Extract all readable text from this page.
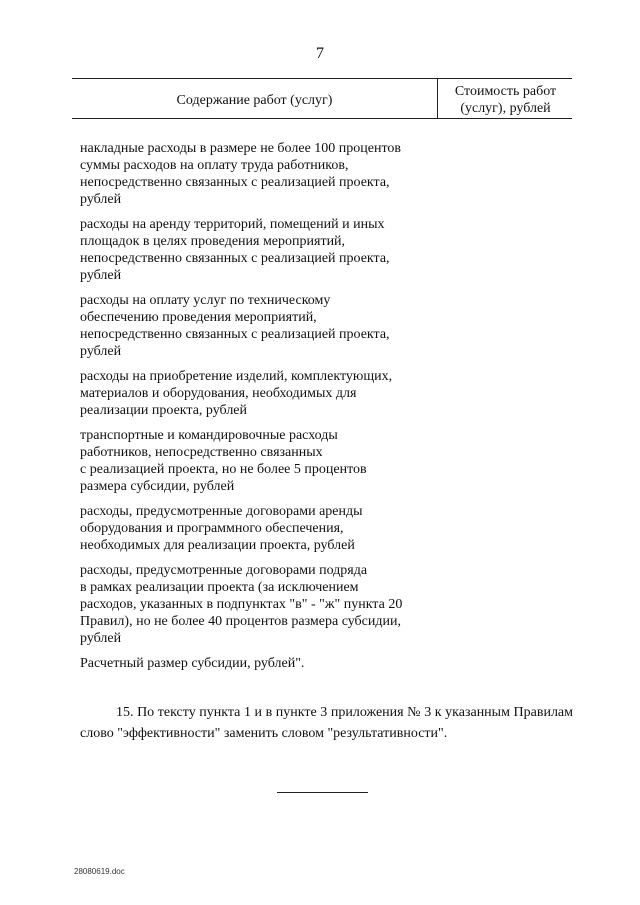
7
Содержание работ (услуг)
Стоимость работ (услуг), рублей

накладные расходы в размере не более 100 процентов
суммы расходов на оплату труда работников,
непосредственно связанных с реализацией проекта,
рублей

расходы на аренду территорий, помещений и иных
площадок в целях проведения мероприятий,
непосредственно связанных с реализацией проекта,
рублей

расходы на оплату услуг по техническому
обеспечению проведения мероприятий,
непосредственно связанных с реализацией проекта,
рублей

расходы на приобретение изделий, комплектующих,
материалов и оборудования, необходимых для
реализации проекта, рублей

транспортные и командировочные расходы
работников, непосредственно связанных
с реализацией проекта, но не более 5 процентов
размера субсидии, рублей

расходы, предусмотренные договорами аренды
оборудования и программного обеспечения,
необходимых для реализации проекта, рублей

расходы, предусмотренные договорами подряда
в рамках реализации проекта (за исключением
расходов, указанных в подпунктах "в" - "ж" пункта 20
Правил), но не более 40 процентов размера субсидии,
рублей

Расчетный размер субсидии, рублей".

15. По тексту пункта 1 и в пункте 3 приложения № 3 к указанным Правилам слово "эффективности" заменить словом "результативности".
28080619.doc
